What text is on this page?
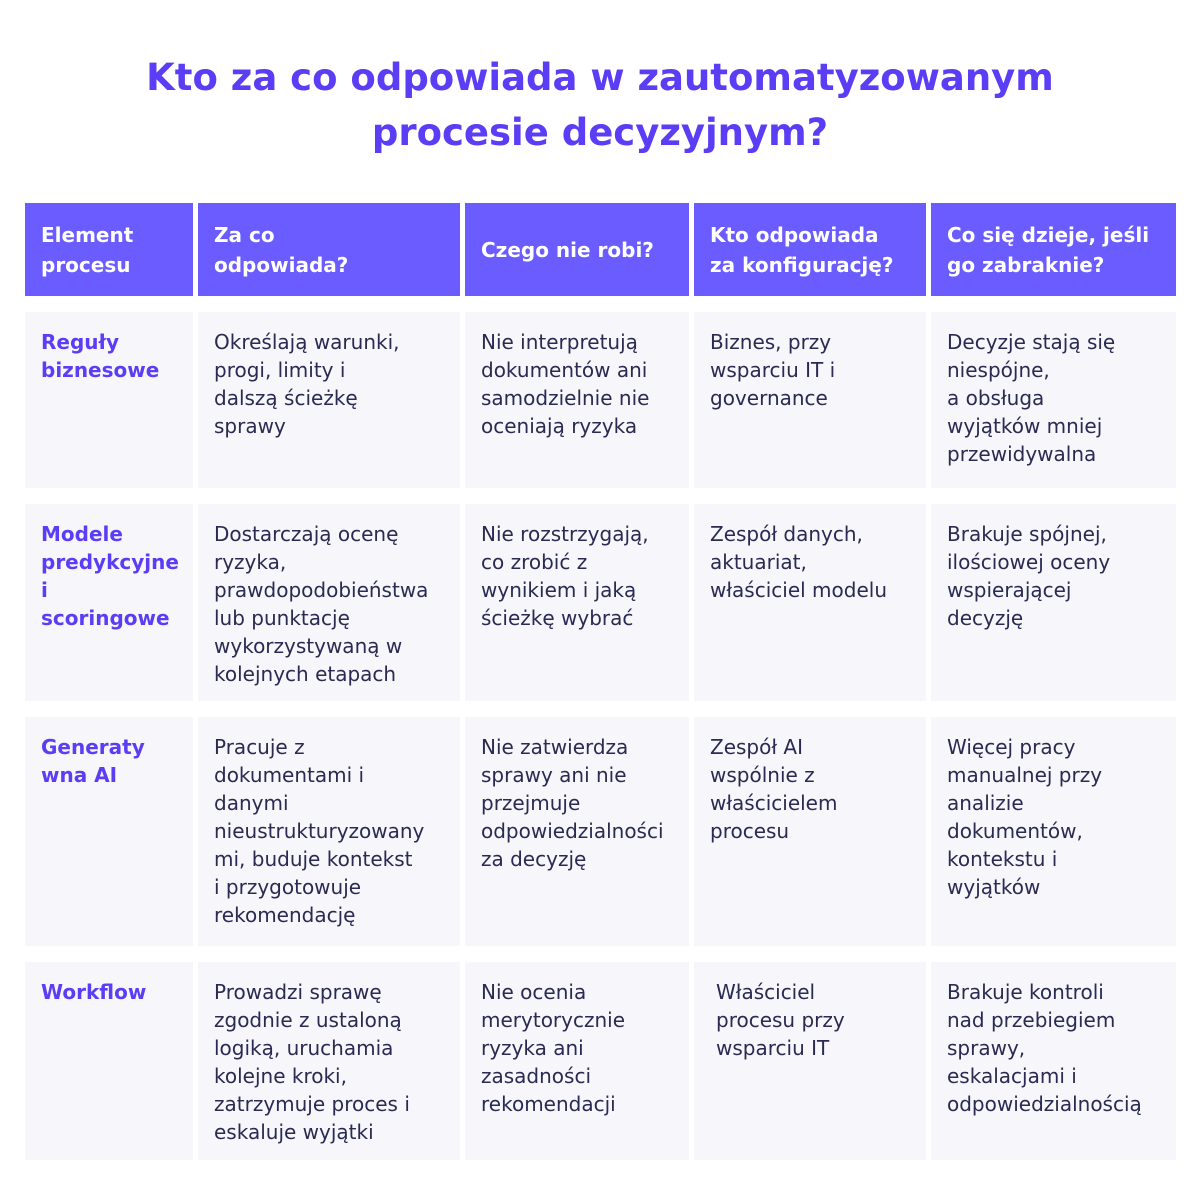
Kto za co odpowiada w zautomatyzowanym
procesie decyzyjnym?
Element
procesu
Za co
odpowiada?
Czego nie robi?
Kto odpowiada
za konfigurację?
Co się dzieje, jeśli
go zabraknie?
Reguły
biznesowe
Określają warunki,
progi, limity i
dalszą ścieżkę
sprawy
Nie interpretują
dokumentów ani
samodzielnie nie
oceniają ryzyka
Biznes, przy
wsparciu IT i
governance
Decyzje stają się
niespójne,
a obsługa
wyjątków mniej
przewidywalna
Modele
predykcyjne
i scoringowe
Dostarczają ocenę
ryzyka,
prawdopodobieństwa
lub punktację
wykorzystywaną w
kolejnych etapach
Nie rozstrzygają,
co zrobić z
wynikiem i jaką
ścieżkę wybrać
Zespół danych,
aktuariat,
właściciel modelu
Brakuje spójnej,
ilościowej oceny
wspierającej
decyzję
Generaty
wna AI
Pracuje z
dokumentami i
danymi
nieustrukturyzowany
mi, buduje kontekst
i przygotowuje
rekomendację
Nie zatwierdza
sprawy ani nie
przejmuje
odpowiedzialności
za decyzję
Zespół AI
wspólnie z
właścicielem
procesu
Więcej pracy
manualnej przy
analizie
dokumentów,
kontekstu i
wyjątków
Workflow	Prowadzi sprawę
zgodnie z ustaloną
logiką, uruchamia
kolejne kroki,
zatrzymuje proces i
eskaluje wyjątki
Nie ocenia
merytorycznie
ryzyka ani
zasadności
rekomendacji
Właściciel
procesu przy
wsparciu IT
Brakuje kontroli
nad przebiegiem
sprawy,
eskalacjami i
odpowiedzialnością
